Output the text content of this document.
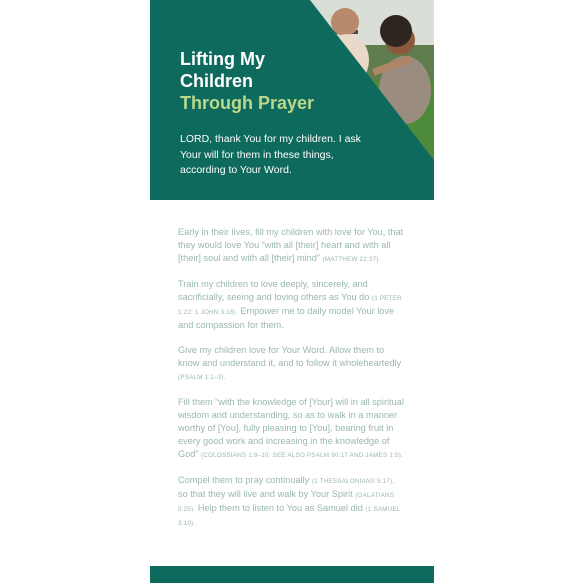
Lifting My
Children
Through Prayer
LORD, thank You for my children. I ask Your will for them in these things, according to Your Word.

Early in their lives, fill my children with love for You, that they would love You “with all [their] heart and with all [their] soul and with all [their] mind” (MATTHEW 22:37).

Train my children to love deeply, sincerely, and sacrificially, seeing and loving others as You do (1 PETER 1:22; 1 JOHN 3:16). Empower me to daily model Your love and compassion for them.

Give my children love for Your Word. Allow them to know and understand it, and to follow it wholeheartedly (PSALM 1:1–3).

Fill them “with the knowledge of [Your] will in all spiritual wisdom and understanding, so as to walk in a manner worthy of [You], fully pleasing to [You], bearing fruit in every good work and increasing in the knowledge of God” (COLOSSIANS 1:9–10; SEE ALSO PSALM 90:17 AND JAMES 1:5).

Compel them to pray continually (1 THESSALONIANS 5:17), so that they will live and walk by Your Spirit (GALATIANS 5:25). Help them to listen to You as Samuel did (1 SAMUEL 3:10).
